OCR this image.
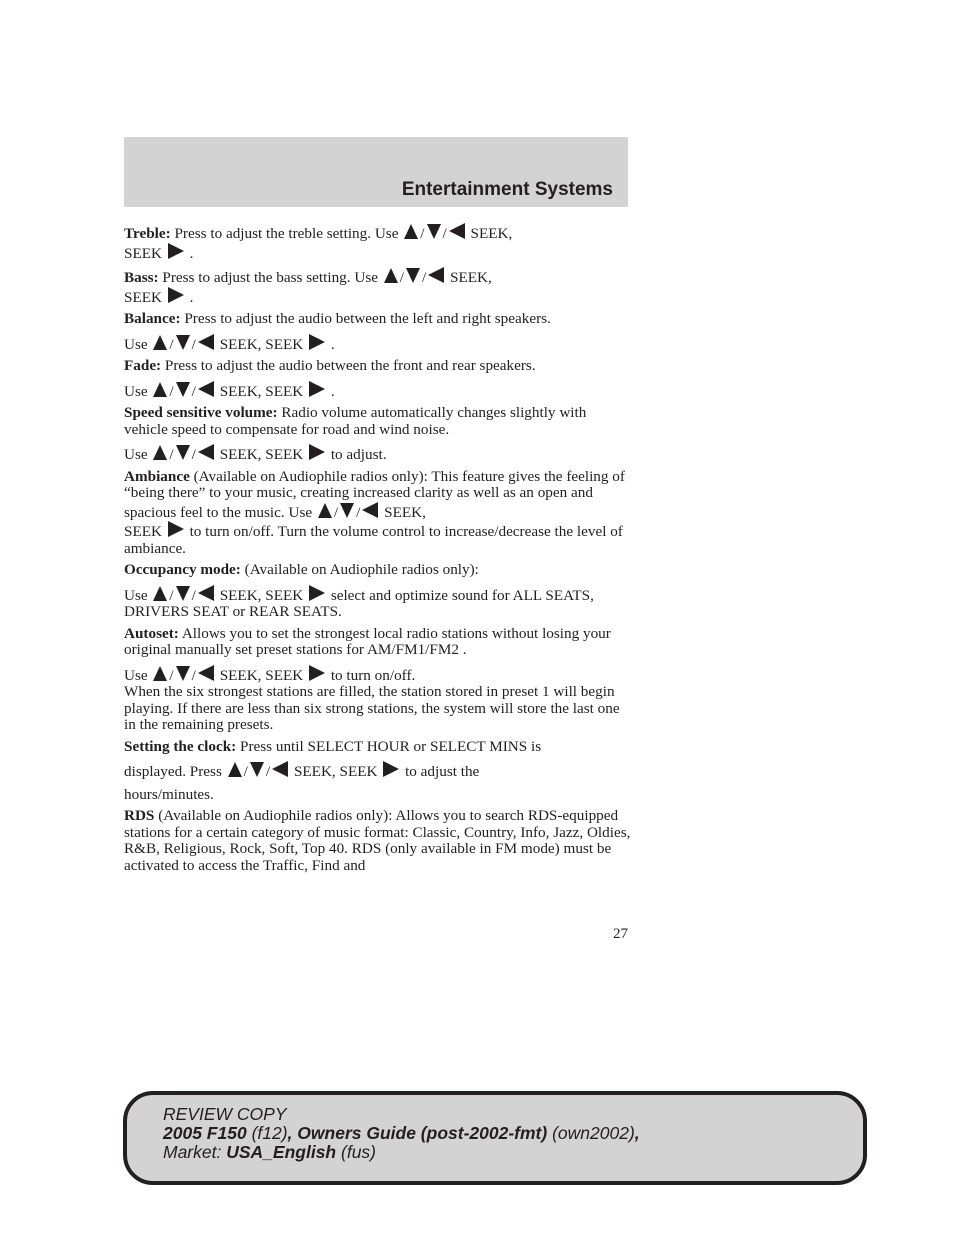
Entertainment Systems

Treble: Press to adjust the treble setting. Use / / SEEK,
SEEK .

Bass: Press to adjust the bass setting. Use / / SEEK,
SEEK .

Balance: Press to adjust the audio between the left and right speakers.
Use / / SEEK, SEEK .

Fade: Press to adjust the audio between the front and rear speakers.
Use / / SEEK, SEEK .

Speed sensitive volume: Radio volume automatically changes slightly with vehicle speed to compensate for road and wind noise.
Use / / SEEK, SEEK to adjust.

Ambiance (Available on Audiophile radios only): This feature gives the feeling of “being there” to your music, creating increased clarity as well as an open and spacious feel to the music. Use / / SEEK,
SEEK to turn on/off. Turn the volume control to increase/decrease the level of ambiance.

Occupancy mode: (Available on Audiophile radios only):
Use / / SEEK, SEEK select and optimize sound for ALL SEATS, DRIVERS SEAT or REAR SEATS.

Autoset: Allows you to set the strongest local radio stations without losing your original manually set preset stations for AM/FM1/FM2 .
Use / / SEEK, SEEK to turn on/off.
When the six strongest stations are filled, the station stored in preset 1 will begin playing. If there are less than six strong stations, the system will store the last one in the remaining presets.

Setting the clock: Press until SELECT HOUR or SELECT MINS is
displayed. Press / / SEEK, SEEK to adjust the
hours/minutes.

RDS (Available on Audiophile radios only): Allows you to search RDS-equipped stations for a certain category of music format: Classic, Country, Info, Jazz, Oldies, R&B, Religious, Rock, Soft, Top 40. RDS (only available in FM mode) must be activated to access the Traffic, Find and

27
REVIEW COPY
2005 F150 (f12), Owners Guide (post-2002-fmt) (own2002),
Market: USA_English (fus)
